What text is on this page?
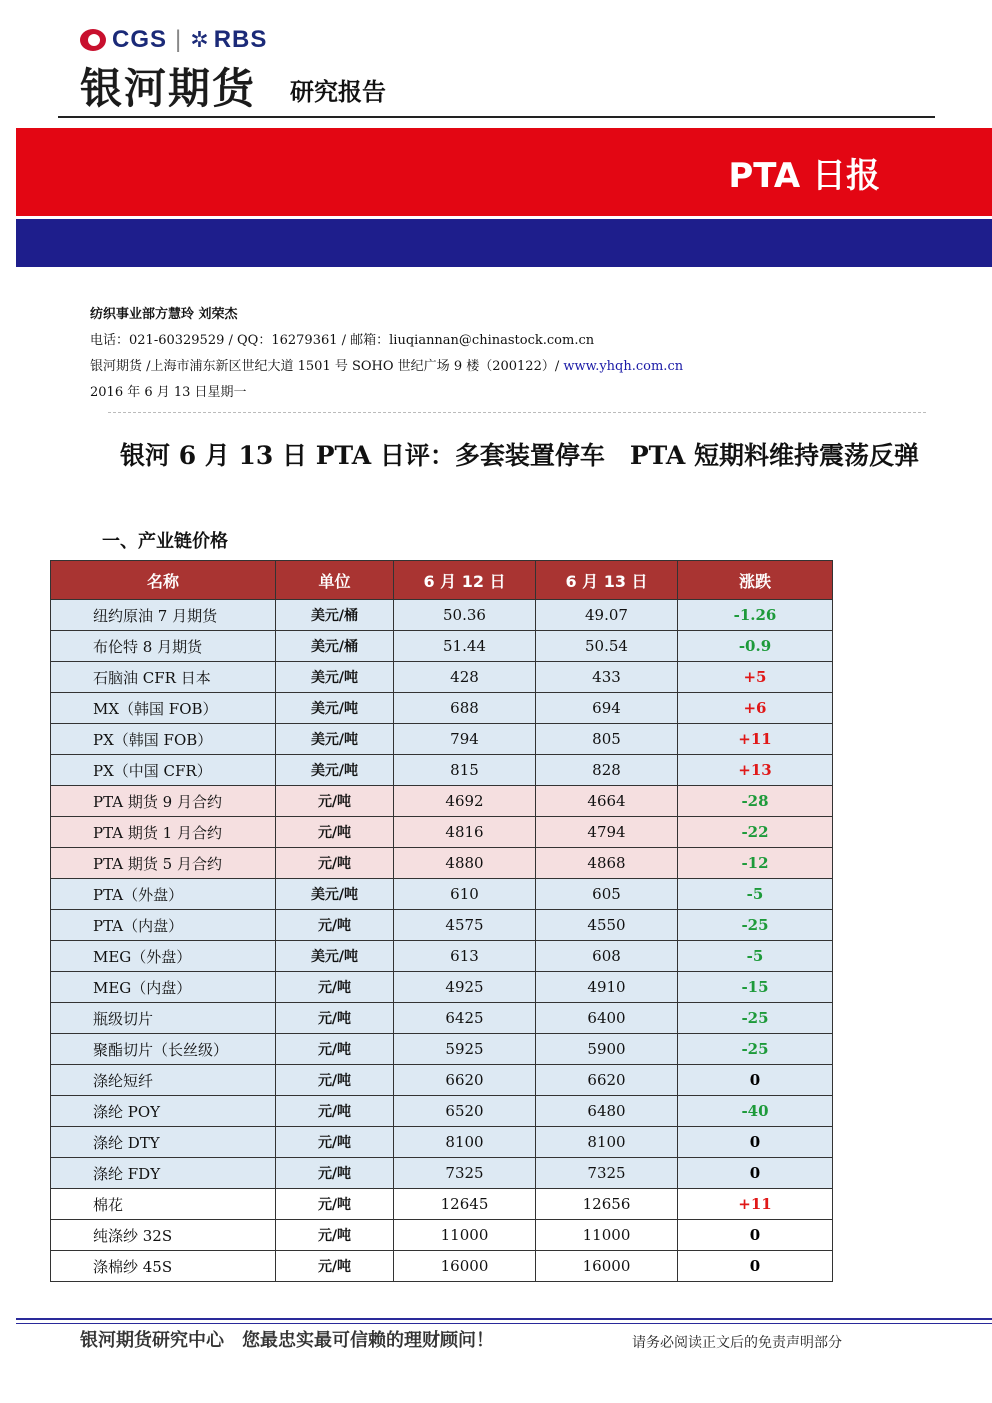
CGS | ✲ RBS
银河期货	研究报告
PTA 日报
纺织事业部方慧玲 刘荣杰
电话：021-60329529 / QQ：16279361 / 邮箱：liuqiannan@chinastock.com.cn
银河期货 /上海市浦东新区世纪大道 1501 号 SOHO 世纪广场 9 楼（200122）/ www.yhqh.com.cn
2016 年 6 月 13 日星期一
银河 6 月 13 日 PTA 日评：多套装置停车　PTA 短期料维持震荡反弹
一、产业链价格
名称	单位	6 月 12 日	6 月 13 日	涨跌
纽约原油 7 月期货	美元/桶	50.36	49.07	-1.26
布伦特 8 月期货	美元/桶	51.44	50.54	-0.9
石脑油 CFR 日本	美元/吨	428	433	+5
MX（韩国 FOB）	美元/吨	688	694	+6
PX（韩国 FOB）	美元/吨	794	805	+11
PX（中国 CFR）	美元/吨	815	828	+13
PTA 期货 9 月合约	元/吨	4692	4664	-28
PTA 期货 1 月合约	元/吨	4816	4794	-22
PTA 期货 5 月合约	元/吨	4880	4868	-12
PTA（外盘）	美元/吨	610	605	-5
PTA（内盘）	元/吨	4575	4550	-25
MEG（外盘）	美元/吨	613	608	-5
MEG（内盘）	元/吨	4925	4910	-15
瓶级切片	元/吨	6425	6400	-25
聚酯切片（长丝级）	元/吨	5925	5900	-25
涤纶短纤	元/吨	6620	6620	0
涤纶 POY	元/吨	6520	6480	-40
涤纶 DTY	元/吨	8100	8100	0
涤纶 FDY	元/吨	7325	7325	0
棉花	元/吨	12645	12656	+11
纯涤纱 32S	元/吨	11000	11000	0
涤棉纱 45S	元/吨	16000	16000	0
银河期货研究中心　您最忠实最可信赖的理财顾问！	请务必阅读正文后的免责声明部分
